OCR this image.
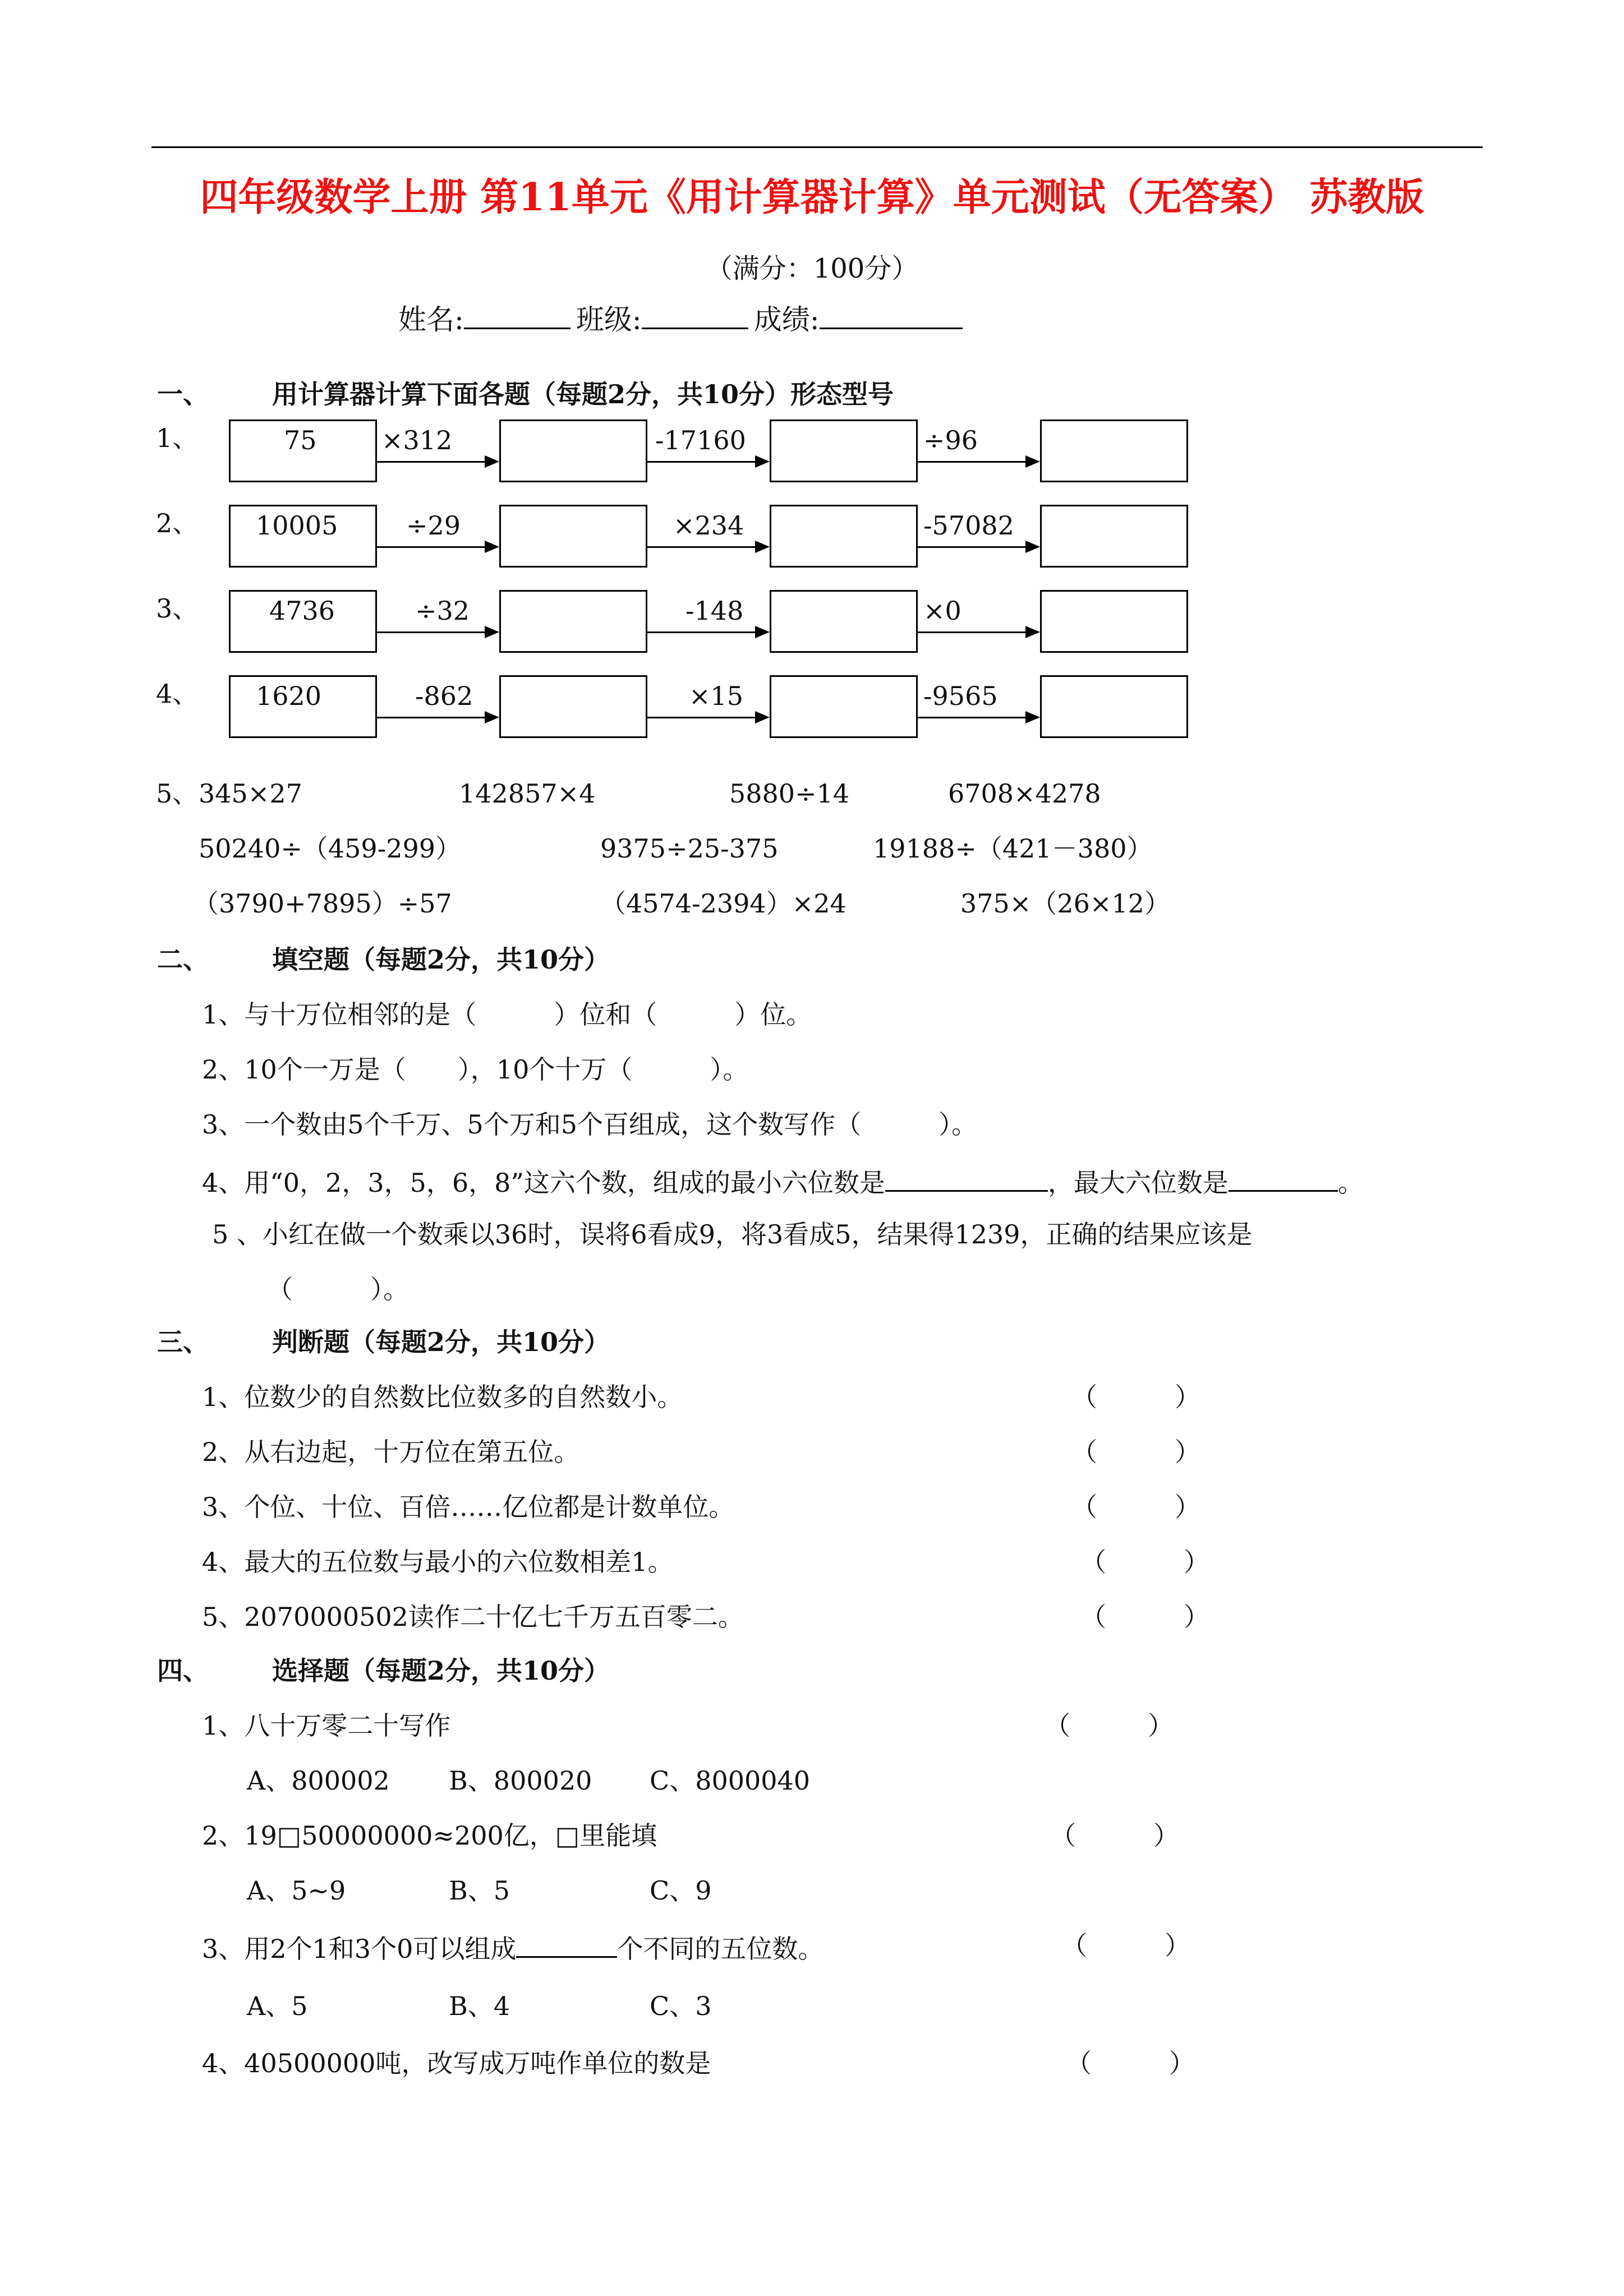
四年级数学上册 第11单元《用计算器计算》单元测试（无答案） 苏教版
（满分：100分）
姓名:	班级:	成绩:
一、 用计算器计算下面各题（每题2分，共10分）形态型号
1、	75	×312	-17160	÷96
2、 10005	÷29	×234	-57082
3、	4736	÷32	-148	×0
4、 1620	-862	×15	-9565
5、 345×27	142857×4	5880÷14	6708×4278
50240÷（459-299）	9375÷25-375	19188÷（421－380）
（3790+7895）÷57	（4574-2394）×24	375×（26×12）
二、 填空题（每题2分，共10分）
1、与十万位相邻的是（　　　）位和（　　　）位。
2、10个一万是（　　），10个十万（　　　）。
3、一个数由5个千万、5个万和5个百组成，这个数写作（　　　）。
4、用“0，2，3，5，6，8”这六个数，组成的最小六位数是	，最大六位数是	。
5 、小红在做一个数乘以36时，误将6看成9，将3看成5，结果得1239，正确的结果应该是
（　　　）。
三、 判断题（每题2分，共10分）
1、位数少的自然数比位数多的自然数小。	（　　　）
2、从右边起，十万位在第五位。	（　　　）
3、个位、十位、百倍……亿位都是计数单位。	（　　　）
4、最大的五位数与最小的六位数相差1。	（　　　）
5、2070000502读作二十亿七千万五百零二。	（　　　）
四、 选择题（每题2分，共10分）
1、八十万零二十写作	（　　　）
A、800002 B、800020 C、8000040
2、19□50000000≈200亿，□里能填	（　　　）
A、5~9	B、5	C、9
3、用2个1和3个0可以组成	个不同的五位数。	（　　　）
A、5	B、4	C、3
4、40500000吨，改写成万吨作单位的数是	（　　　）
